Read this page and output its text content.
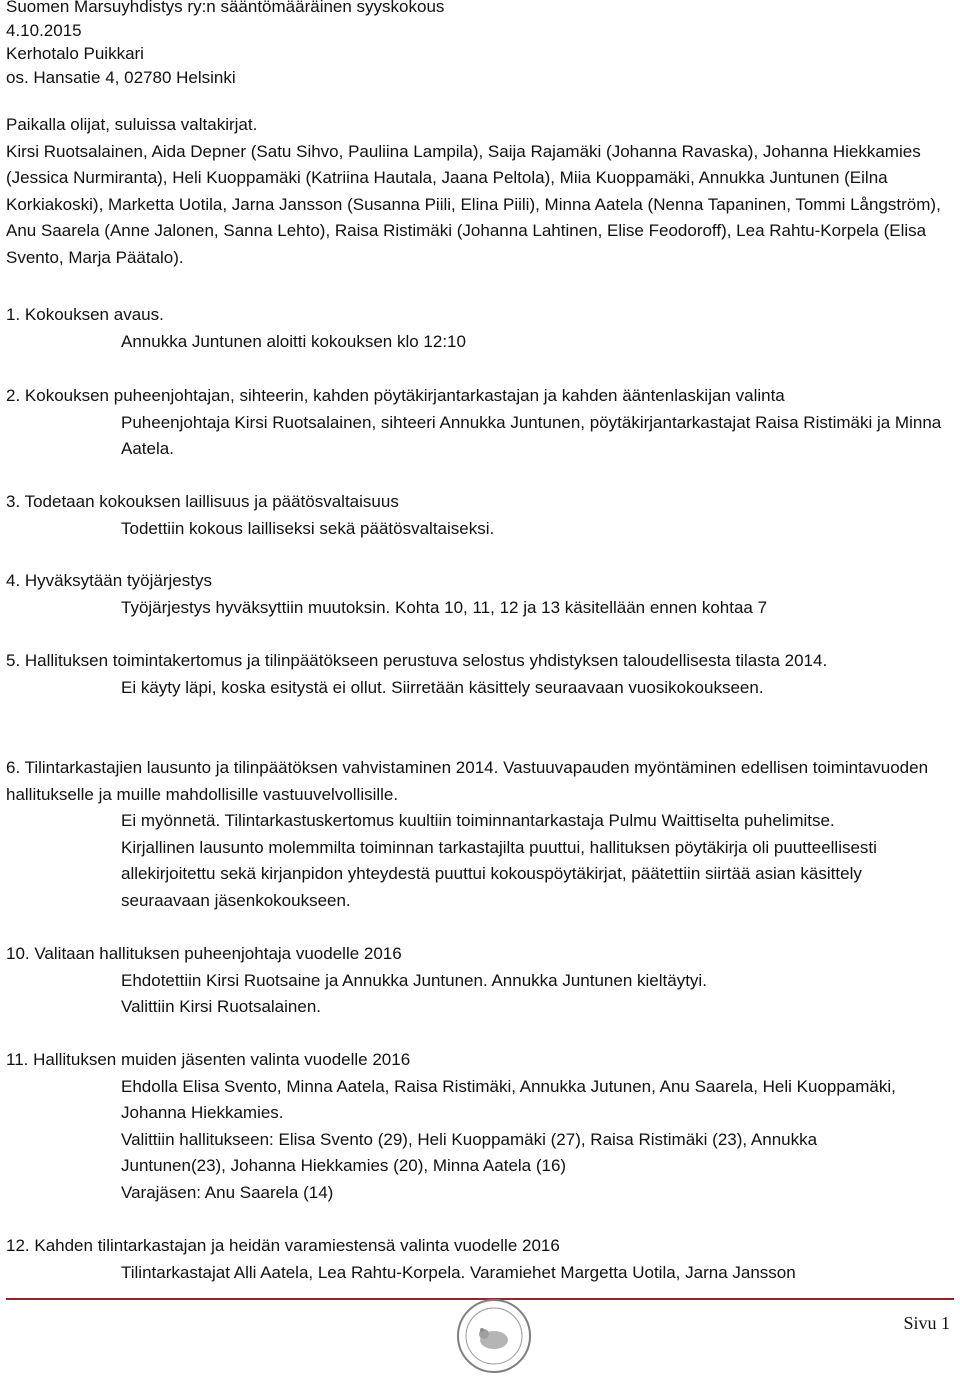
Suomen Marsuyhdistys ry:n sääntömääräinen syyskokous
4.10.2015
Kerhotalo Puikkari
os. Hansatie 4, 02780 Helsinki

Paikalla olijat, suluissa valtakirjat.

Kirsi Ruotsalainen, Aida Depner (Satu Sihvo, Pauliina Lampila), Saija Rajamäki (Johanna Ravaska), Johanna Hiekkamies (Jessica Nurmiranta), Heli Kuoppamäki (Katriina Hautala, Jaana Peltola), Miia Kuoppamäki, Annukka Juntunen (Eilna Korkiakoski), Marketta Uotila, Jarna Jansson (Susanna Piili, Elina Piili), Minna Aatela (Nenna Tapaninen, Tommi Långström), Anu Saarela (Anne Jalonen, Sanna Lehto), Raisa Ristimäki (Johanna Lahtinen, Elise Feodoroff), Lea Rahtu-Korpela (Elisa Svento, Marja Päätalo).

1. Kokouksen avaus.

Annukka Juntunen aloitti kokouksen klo 12:10

2. Kokouksen puheenjohtajan, sihteerin, kahden pöytäkirjantarkastajan ja kahden ääntenlaskijan valinta

Puheenjohtaja Kirsi Ruotsalainen, sihteeri Annukka Juntunen, pöytäkirjantarkastajat Raisa Ristimäki ja Minna Aatela.

3. Todetaan kokouksen laillisuus ja päätösvaltaisuus

Todettiin kokous lailliseksi sekä päätösvaltaiseksi.

4. Hyväksytään työjärjestys

Työjärjestys hyväksyttiin muutoksin. Kohta 10, 11, 12 ja 13 käsitellään ennen kohtaa 7

5. Hallituksen toimintakertomus ja tilinpäätökseen perustuva selostus yhdistyksen taloudellisesta tilasta 2014.

Ei käyty läpi, koska esitystä ei ollut. Siirretään käsittely seuraavaan vuosikokoukseen.

6. Tilintarkastajien lausunto ja tilinpäätöksen vahvistaminen 2014. Vastuuvapauden myöntäminen edellisen toimintavuoden hallitukselle ja muille mahdollisille vastuuvelvollisille.

Ei myönnetä. Tilintarkastuskertomus kuultiin toiminnantarkastaja Pulmu Waittiselta puhelimitse. Kirjallinen lausunto molemmilta toiminnan tarkastajilta puuttui, hallituksen pöytäkirja oli puutteellisesti allekirjoitettu sekä kirjanpidon yhteydestä puuttui kokouspöytäkirjat, päätettiin siirtää asian käsittely seuraavaan jäsenkokoukseen.

10. Valitaan hallituksen puheenjohtaja vuodelle 2016

Ehdotettiin Kirsi Ruotsaine ja Annukka Juntunen. Annukka Juntunen kieltäytyi.

Valittiin Kirsi Ruotsalainen.

11. Hallituksen muiden jäsenten valinta vuodelle 2016

Ehdolla Elisa Svento, Minna Aatela, Raisa Ristimäki, Annukka Jutunen, Anu Saarela, Heli Kuoppamäki, Johanna Hiekkamies.

Valittiin hallitukseen: Elisa Svento (29), Heli Kuoppamäki (27), Raisa Ristimäki (23), Annukka Juntunen(23), Johanna Hiekkamies (20), Minna Aatela (16)

Varajäsen: Anu Saarela (14)

12. Kahden tilintarkastajan ja heidän varamiestensä valinta vuodelle 2016

Tilintarkastajat Alli Aatela, Lea Rahtu-Korpela. Varamiehet Margetta Uotila, Jarna Jansson

Sivu 1
